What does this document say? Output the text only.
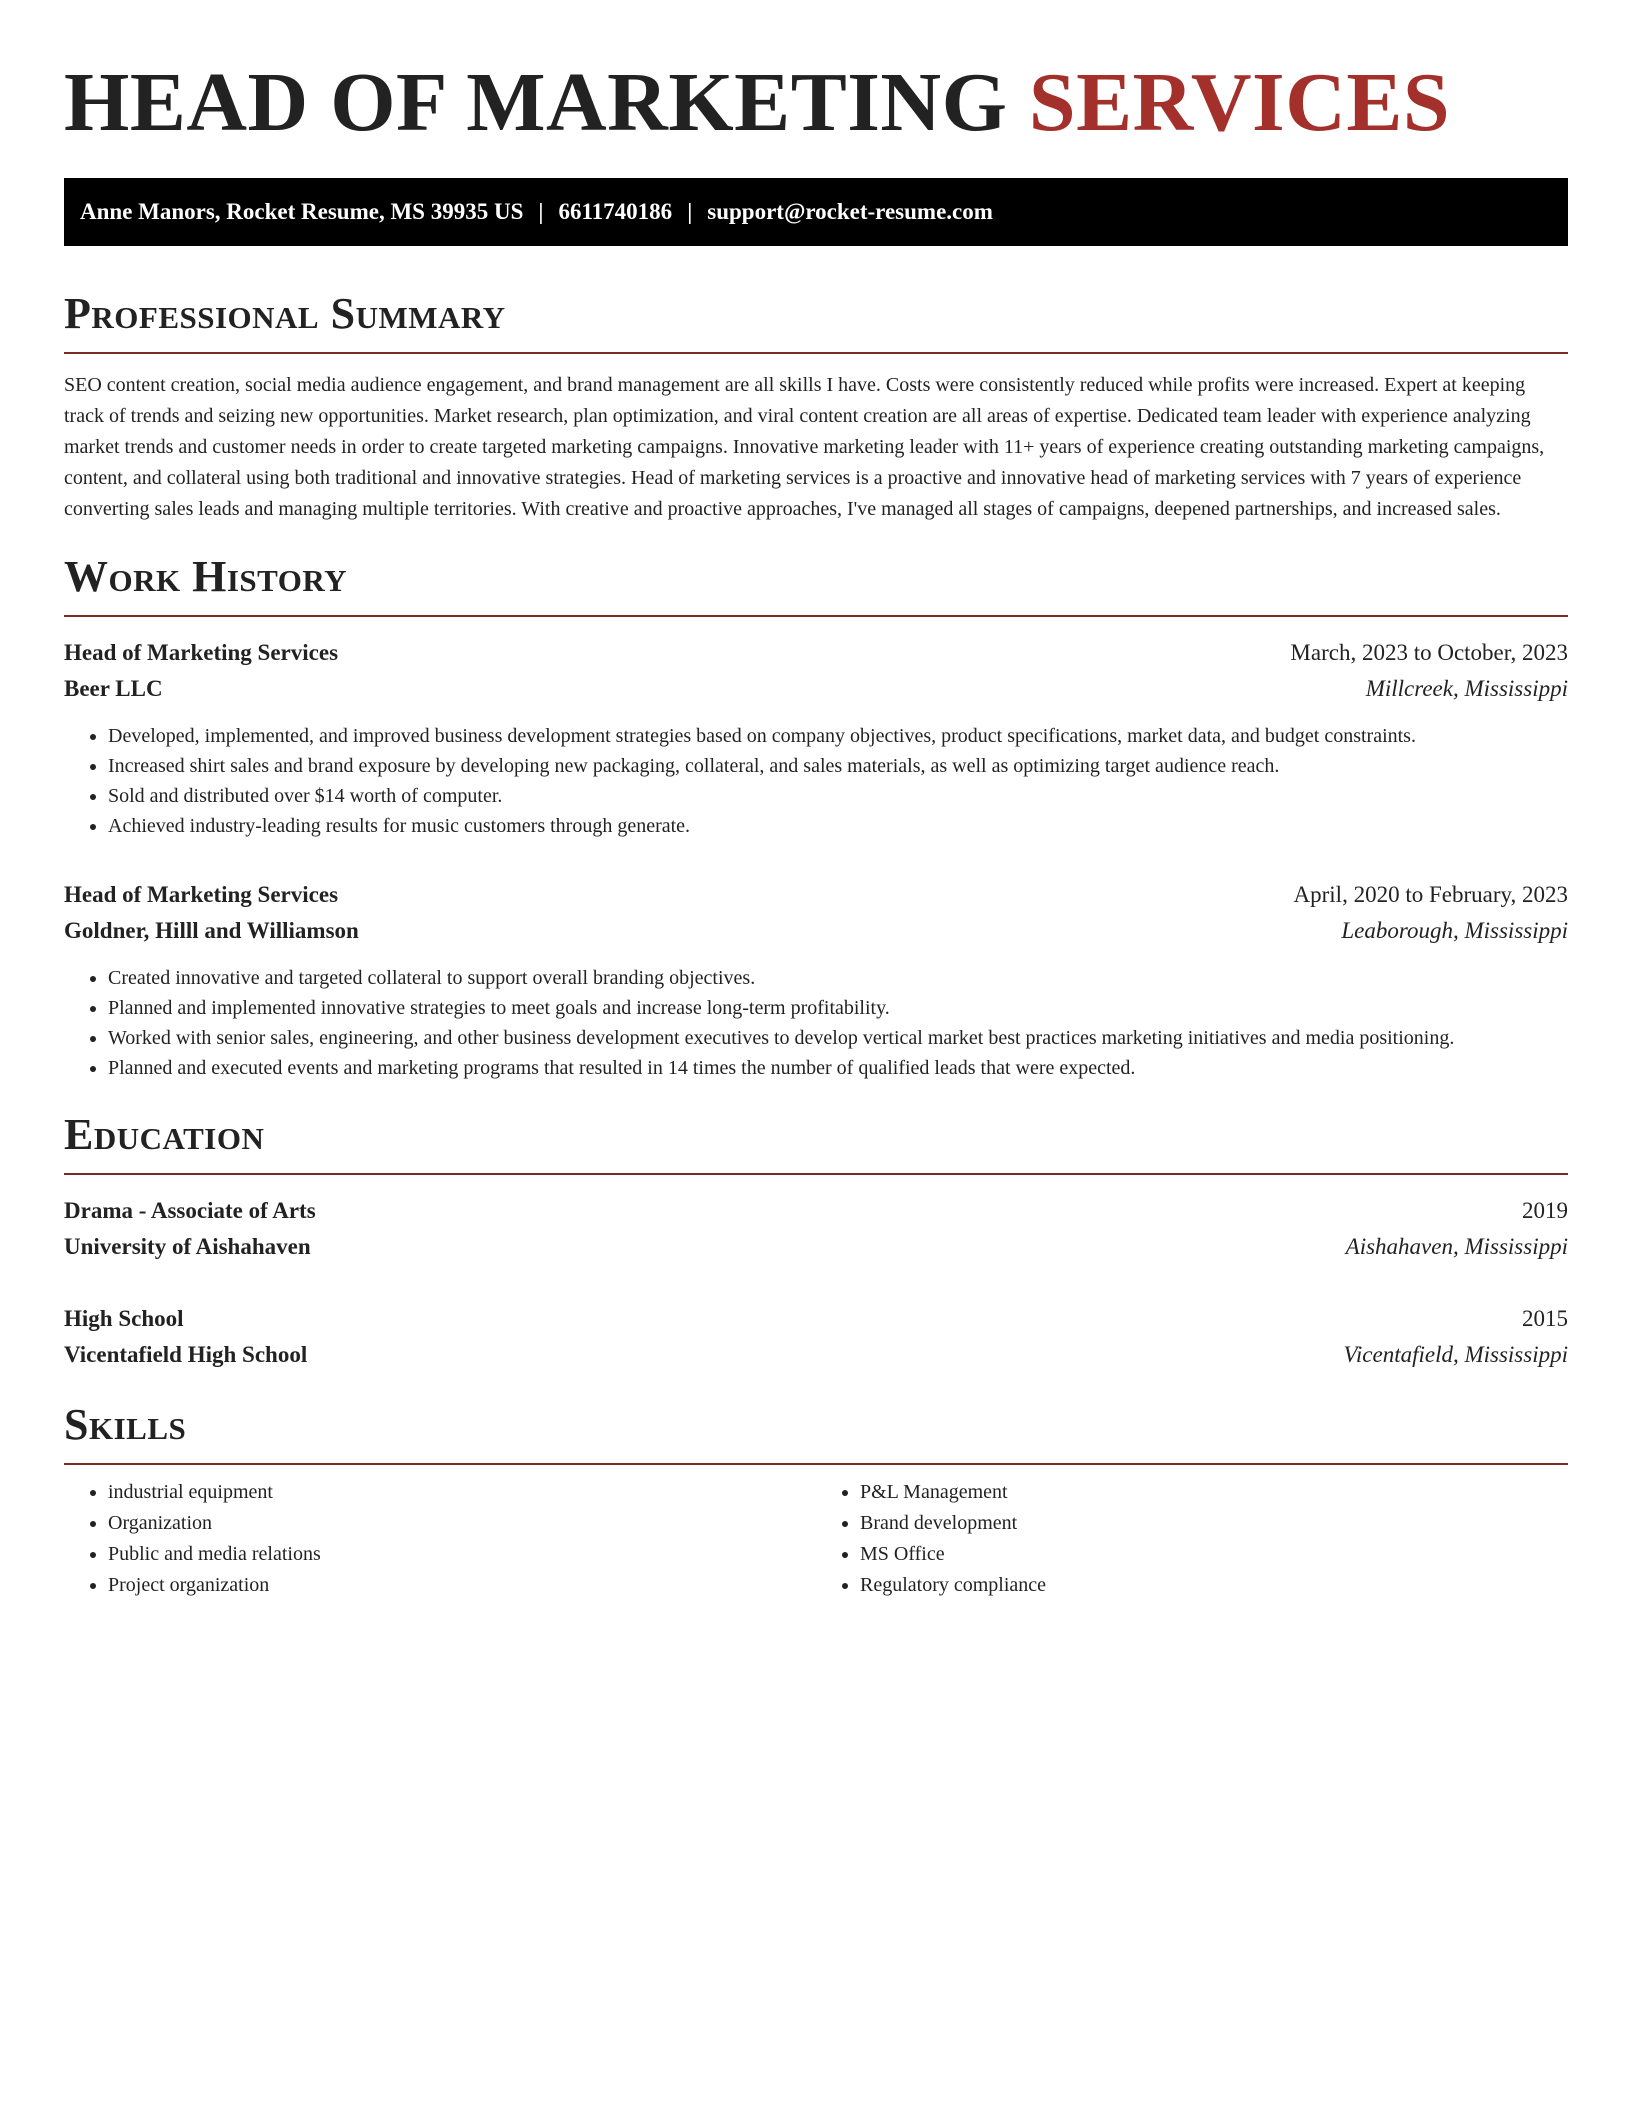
HEAD OF MARKETING SERVICES
Anne Manors, Rocket Resume, MS 39935 US | 6611740186 | support@rocket-resume.com
Professional Summary
SEO content creation, social media audience engagement, and brand management are all skills I have. Costs were consistently reduced while profits were increased. Expert at keeping track of trends and seizing new opportunities. Market research, plan optimization, and viral content creation are all areas of expertise. Dedicated team leader with experience analyzing market trends and customer needs in order to create targeted marketing campaigns. Innovative marketing leader with 11+ years of experience creating outstanding marketing campaigns, content, and collateral using both traditional and innovative strategies. Head of marketing services is a proactive and innovative head of marketing services with 7 years of experience converting sales leads and managing multiple territories. With creative and proactive approaches, I've managed all stages of campaigns, deepened partnerships, and increased sales.
Work History
Head of Marketing Services	March, 2023 to October, 2023
Beer LLC	Millcreek, Mississippi
• Developed, implemented, and improved business development strategies based on company objectives, product specifications, market data, and budget constraints.
• Increased shirt sales and brand exposure by developing new packaging, collateral, and sales materials, as well as optimizing target audience reach.
• Sold and distributed over $14 worth of computer.
• Achieved industry-leading results for music customers through generate.
Head of Marketing Services	April, 2020 to February, 2023
Goldner, Hilll and Williamson	Leaborough, Mississippi
• Created innovative and targeted collateral to support overall branding objectives.
• Planned and implemented innovative strategies to meet goals and increase long-term profitability.
• Worked with senior sales, engineering, and other business development executives to develop vertical market best practices marketing initiatives and media positioning.
• Planned and executed events and marketing programs that resulted in 14 times the number of qualified leads that were expected.
Education
Drama - Associate of Arts	2019
University of Aishahaven	Aishahaven, Mississippi
High School	2015
Vicentafield High School	Vicentafield, Mississippi
Skills
• industrial equipment
• Organization
• Public and media relations
• Project organization
• P&L Management
• Brand development
• MS Office
• Regulatory compliance
